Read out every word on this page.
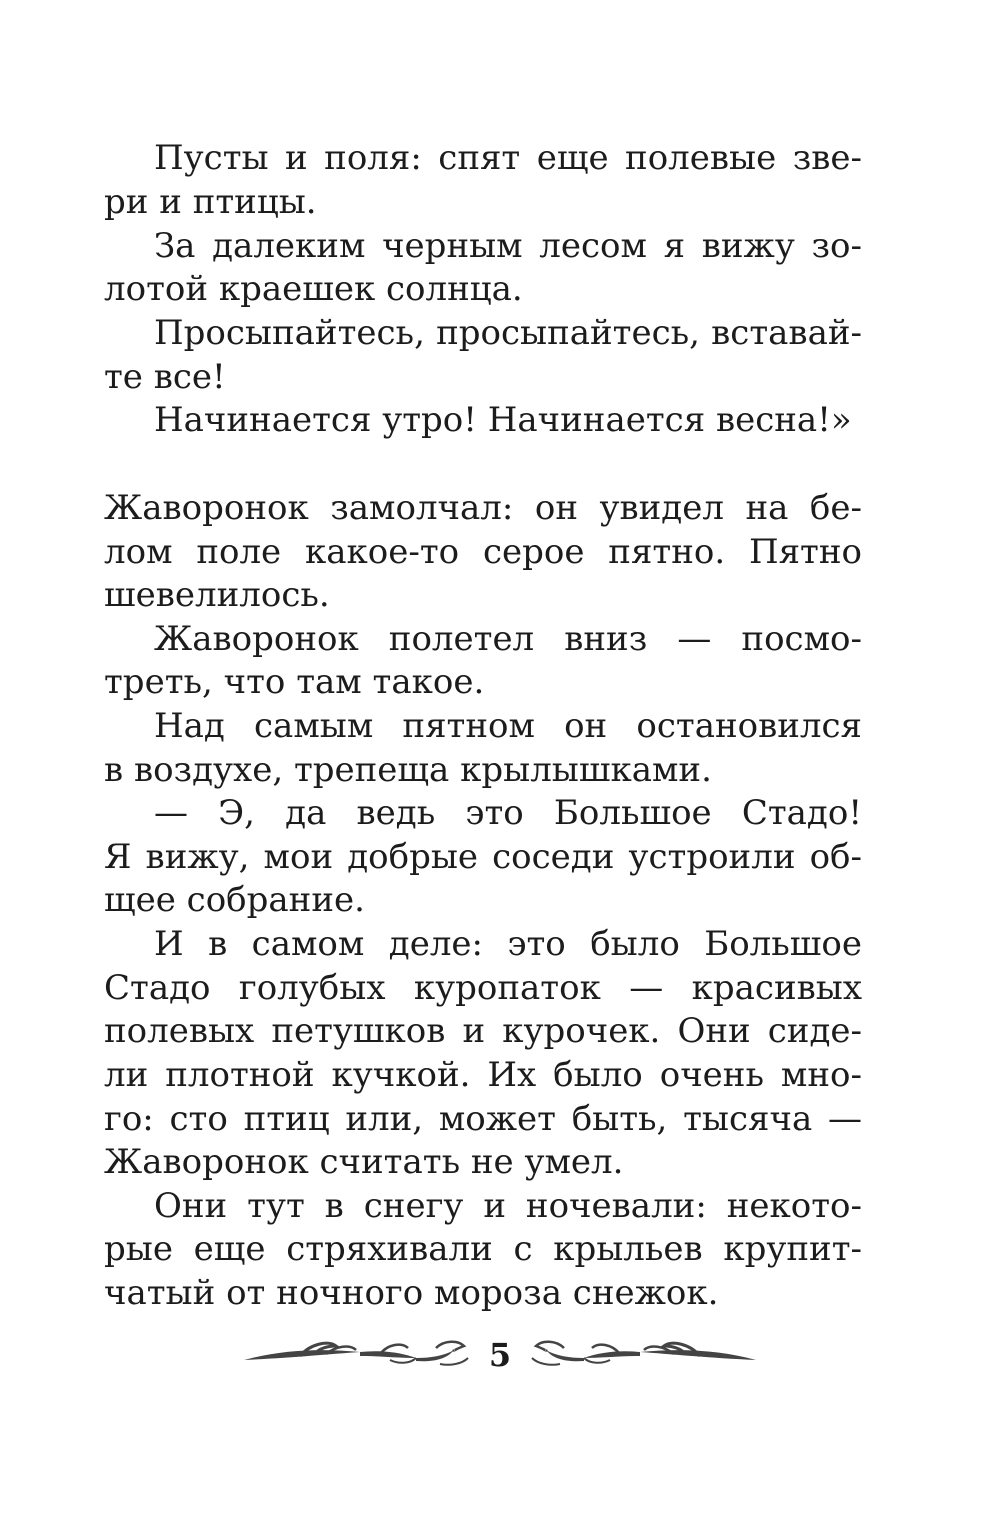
Пусты и поля: спят еще полевые зве-
ри и птицы.
За далеким черным лесом я вижу зо-
лотой краешек солнца.
Просыпайтесь, просыпайтесь, вставай-
те все!
Начинается утро! Начинается весна!»
Жаворонок замолчал: он увидел на бе-
лом поле какое-то серое пятно. Пятно
шевелилось.
Жаворонок полетел вниз — посмо-
треть, что там такое.
Над самым пятном он остановился
в воздухе, трепеща крылышками.
— Э, да ведь это Большое Стадо!
Я вижу, мои добрые соседи устроили об-
щее собрание.
И в самом деле: это было Большое
Стадо голубых куропаток — красивых
полевых петушков и курочек. Они сиде-
ли плотной кучкой. Их было очень мно-
го: сто птиц или, может быть, тысяча —
Жаворонок считать не умел.
Они тут в снегу и ночевали: некото-
рые еще стряхивали с крыльев крупит-
чатый от ночного мороза снежок.
5
